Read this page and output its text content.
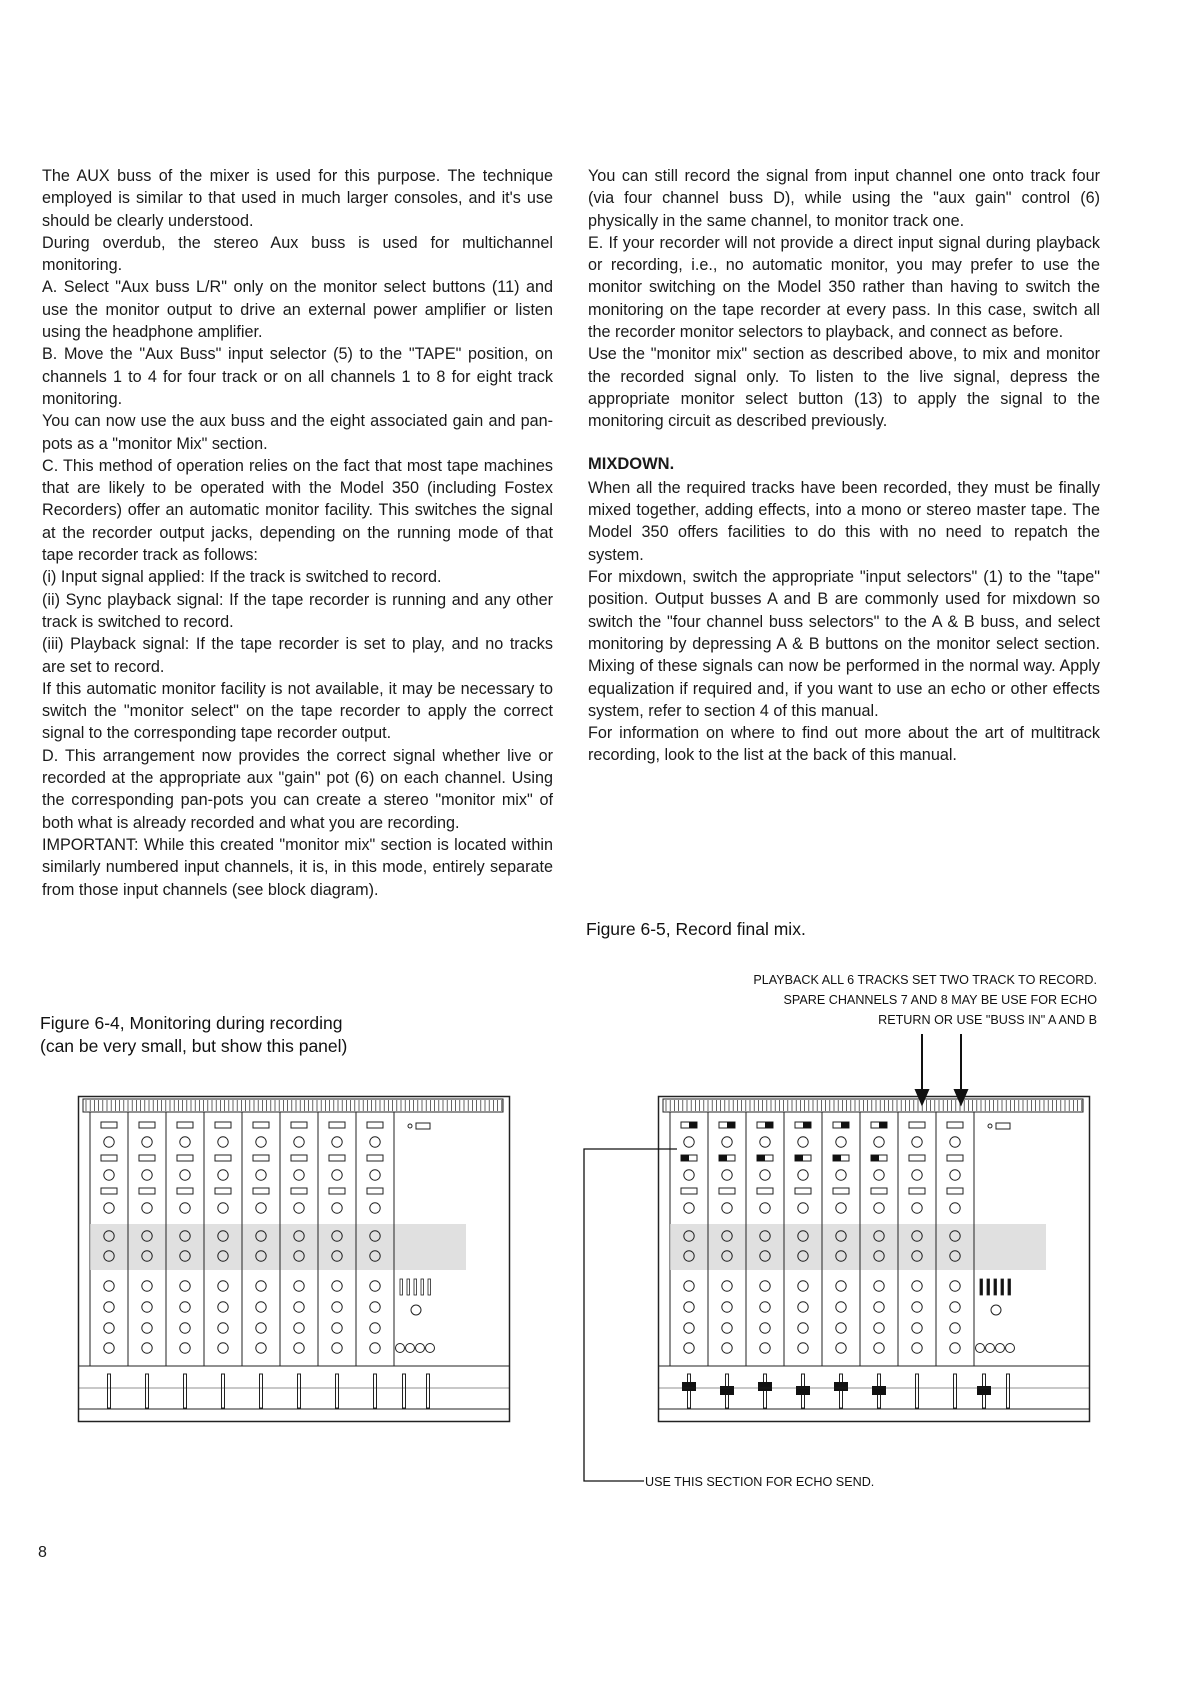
The AUX buss of the mixer is used for this purpose. The technique employed is similar to that used in much larger consoles, and it's use should be clearly understood.

During overdub, the stereo Aux buss is used for multichannel monitoring.

A. Select "Aux buss L/R" only on the monitor select buttons (11) and use the monitor output to drive an external power amplifier or listen using the headphone amplifier.

B. Move the "Aux Buss" input selector (5) to the "TAPE" position, on channels 1 to 4 for four track or on all channels 1 to 8 for eight track monitoring.

You can now use the aux buss and the eight associated gain and pan-pots as a "monitor Mix" section.

C. This method of operation relies on the fact that most tape machines that are likely to be operated with the Model 350 (including Fostex Recorders) offer an automatic monitor facility. This switches the signal at the recorder output jacks, depending on the running mode of that tape recorder track as follows:

(i) Input signal applied: If the track is switched to record.

(ii) Sync playback signal: If the tape recorder is running and any other track is switched to record.

(iii) Playback signal: If the tape recorder is set to play, and no tracks are set to record.

If this automatic monitor facility is not available, it may be necessary to switch the "monitor select" on the tape recorder to apply the correct signal to the corresponding tape recorder output.

D. This arrangement now provides the correct signal whether live or recorded at the appropriate aux "gain" pot (6) on each channel. Using the corresponding pan-pots you can create a stereo "monitor mix" of both what is already recorded and what you are recording.

IMPORTANT: While this created "monitor mix" section is located within similarly numbered input channels, it is, in this mode, entirely separate from those input channels (see block diagram).

You can still record the signal from input channel one onto track four (via four channel buss D), while using the "aux gain" control (6) physically in the same channel, to monitor track one.

E. If your recorder will not provide a direct input signal during playback or recording, i.e., no automatic monitor, you may prefer to use the monitor switching on the Model 350 rather than having to switch the monitoring on the tape recorder at every pass. In this case, switch all the recorder monitor selectors to playback, and connect as before.

Use the "monitor mix" section as described above, to mix and monitor the recorded signal only. To listen to the live signal, depress the appropriate monitor select button (13) to apply the signal to the monitoring circuit as described previously.

MIXDOWN.

When all the required tracks have been recorded, they must be finally mixed together, adding effects, into a mono or stereo master tape. The Model 350 offers facilities to do this with no need to repatch the system.

For mixdown, switch the appropriate "input selectors" (1) to the "tape" position. Output busses A and B are commonly used for mixdown so switch the "four channel buss selectors" to the A & B buss, and select monitoring by depressing A & B buttons on the monitor select section. Mixing of these signals can now be performed in the normal way. Apply equalization if required and, if you want to use an echo or other effects system, refer to section 4 of this manual.

For information on where to find out more about the art of multitrack recording, look to the list at the back of this manual.

Figure 6-4, Monitoring during recording
(can be very small, but show this panel)
Figure 6-5, Record final mix.
PLAYBACK ALL 6 TRACKS SET TWO TRACK TO RECORD.
SPARE CHANNELS 7 AND 8 MAY BE USE FOR ECHO
RETURN OR USE "BUSS IN" A AND B
USE THIS SECTION FOR ECHO SEND.
8
